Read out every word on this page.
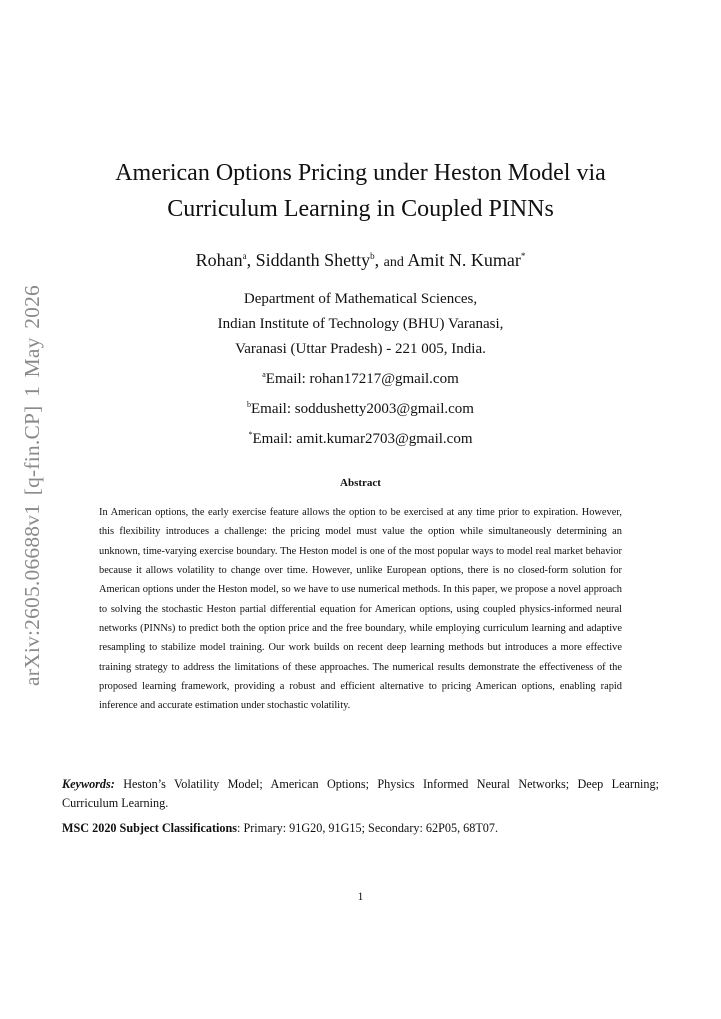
arXiv:2605.06688v1 [q-fin.CP] 1 May 2026
American Options Pricing under Heston Model via
Curriculum Learning in Coupled PINNs
Rohan$^a$, Siddanth Shetty$^b$, and Amit N. Kumar*
Department of Mathematical Sciences,
Indian Institute of Technology (BHU) Varanasi,
Varanasi (Uttar Pradesh) - 221 005, India.
$^a$Email: rohan17217@gmail.com
$^b$Email: soddushetty2003@gmail.com
*Email: amit.kumar2703@gmail.com
Abstract
In American options, the early exercise feature allows the option to be exercised at any time prior to expiration. However, this flexibility introduces a challenge: the pricing model must value the option while simultaneously determining an unknown, time-varying exercise boundary. The Heston model is one of the most popular ways to model real market behavior because it allows volatility to change over time. However, unlike European options, there is no closed-form solution for American options under the Heston model, so we have to use numerical methods. In this paper, we propose a novel approach to solving the stochastic Heston partial differential equation for American options, using coupled physics-informed neural networks (PINNs) to predict both the option price and the free boundary, while employing curriculum learning and adaptive resampling to stabilize model training. Our work builds on recent deep learning methods but introduces a more effective training strategy to address the limitations of these approaches. The numerical results demonstrate the effectiveness of the proposed learning framework, providing a robust and efficient alternative to pricing American options, enabling rapid inference and accurate estimation under stochastic volatility.
Keywords: Heston’s Volatility Model; American Options; Physics Informed Neural Networks; Deep Learning; Curriculum Learning.
MSC 2020 Subject Classifications: Primary: 91G20, 91G15; Secondary: 62P05, 68T07.
1
